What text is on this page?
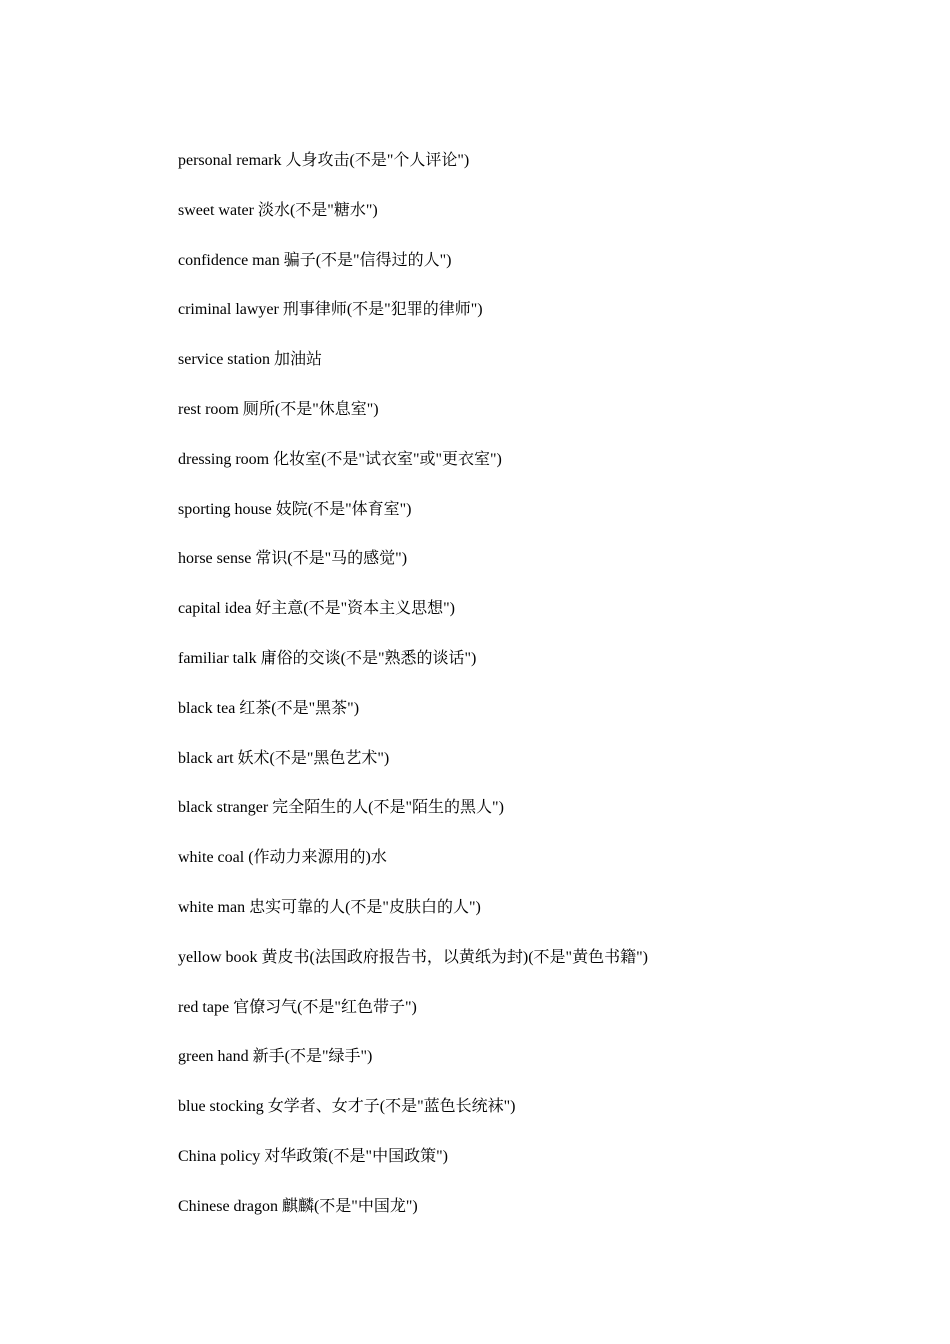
personal remark 人身攻击(不是"个人评论")
sweet water 淡水(不是"糖水")
confidence man 骗子(不是"信得过的人")
criminal lawyer 刑事律师(不是"犯罪的律师")
service station 加油站
rest room 厕所(不是"休息室")
dressing room 化妆室(不是"试衣室"或"更衣室")
sporting house 妓院(不是"体育室")
horse sense 常识(不是"马的感觉")
capital idea 好主意(不是"资本主义思想")
familiar talk 庸俗的交谈(不是"熟悉的谈话")
black tea 红茶(不是"黑茶")
black art 妖术(不是"黑色艺术")
black stranger 完全陌生的人(不是"陌生的黑人")
white coal (作动力来源用的)水
white man 忠实可靠的人(不是"皮肤白的人")
yellow book 黄皮书(法国政府报告书，以黄纸为封)(不是"黄色书籍")
red tape 官僚习气(不是"红色带子")
green hand 新手(不是"绿手")
blue stocking 女学者、女才子(不是"蓝色长统袜")
China policy 对华政策(不是"中国政策")
Chinese dragon 麒麟(不是"中国龙")
